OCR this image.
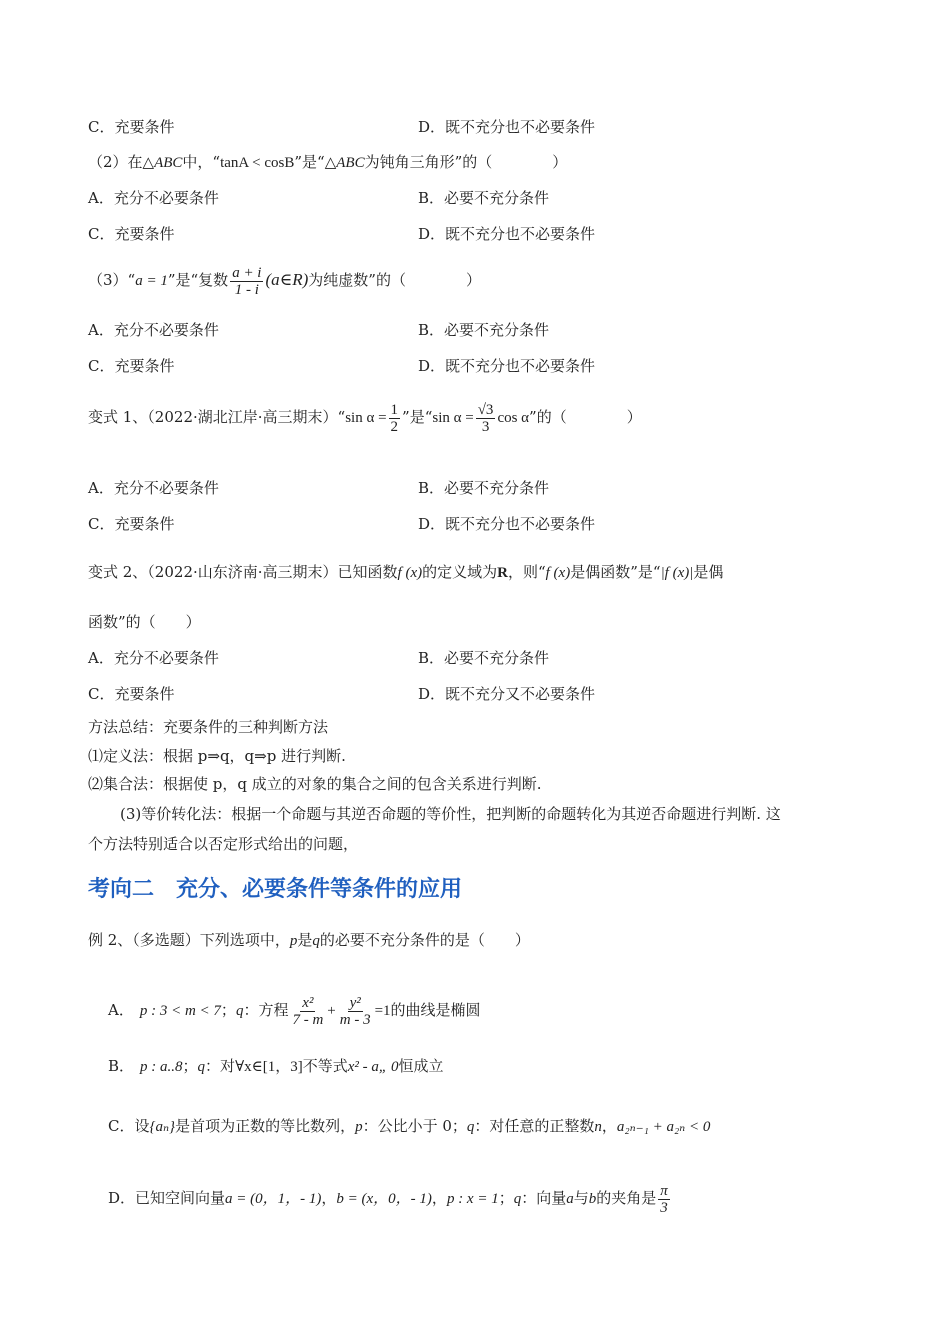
C．充要条件	D．既不充分也不必要条件
（2）在△ABC中，“tanA < cosB”是“△ABC为钝角三角形”的（　　　　）
A．充分不必要条件	B．必要不充分条件
C．充要条件	D．既不充分也不必要条件
（3）“a = 1”是“复数 $\frac{a + i}{1 - i}$ (a∈R)为纯虚数”的（　　　　）
A．充分不必要条件	B．必要不充分条件
C．充要条件	D．既不充分也不必要条件
变式 1、（2022·湖北江岸·高三期末）“sin $\alpha = \frac{1}{2}$ ”是“sin $\alpha = \frac{√3}{3}$ cos α”的（　　　　）
A．充分不必要条件	B．必要不充分条件
C．充要条件	D．既不充分也不必要条件
变式 2、（2022·山东济南·高三期末）已知函数f (x)的定义域为R，则“f (x)是偶函数”是“|f (x)|是偶
函数”的（　　）
A．充分不必要条件	B．必要不充分条件
C．充要条件	D．既不充分又不必要条件
方法总结：充要条件的三种判断方法
⑴定义法：根据 p⇒q，q⇒p 进行判断.
⑵集合法：根据使 p，q 成立的对象的集合之间的包含关系进行判断.
(3)等价转化法：根据一个命题与其逆否命题的等价性，把判断的命题转化为其逆否命题进行判断. 这
个方法特别适合以否定形式给出的问题，
考向二　充分、必要条件等条件的应用
例 2、（多选题）下列选项中，p是q的必要不充分条件的是（　　）
A． p : 3 < m < 7；q：方程 $\frac{\text{x²}}{7 - m} + \frac{\text{y²}}{m - 3} =1$的曲线是椭圆
B． p : a..8；q：对∀x∈[1，3]不等式x² - a„ 0恒成立
C．设{aₙ}是首项为正数的等比数列，p：公比小于 0；q：对任意的正整数n，a₂ₙ₋₁ + a₂ₙ < 0
D．已知空间向量a = (0，1，- 1)，b = (x，0，- 1)，p : x = 1；q：向量a与b的夹角是 $\frac{\pi}{3}$
